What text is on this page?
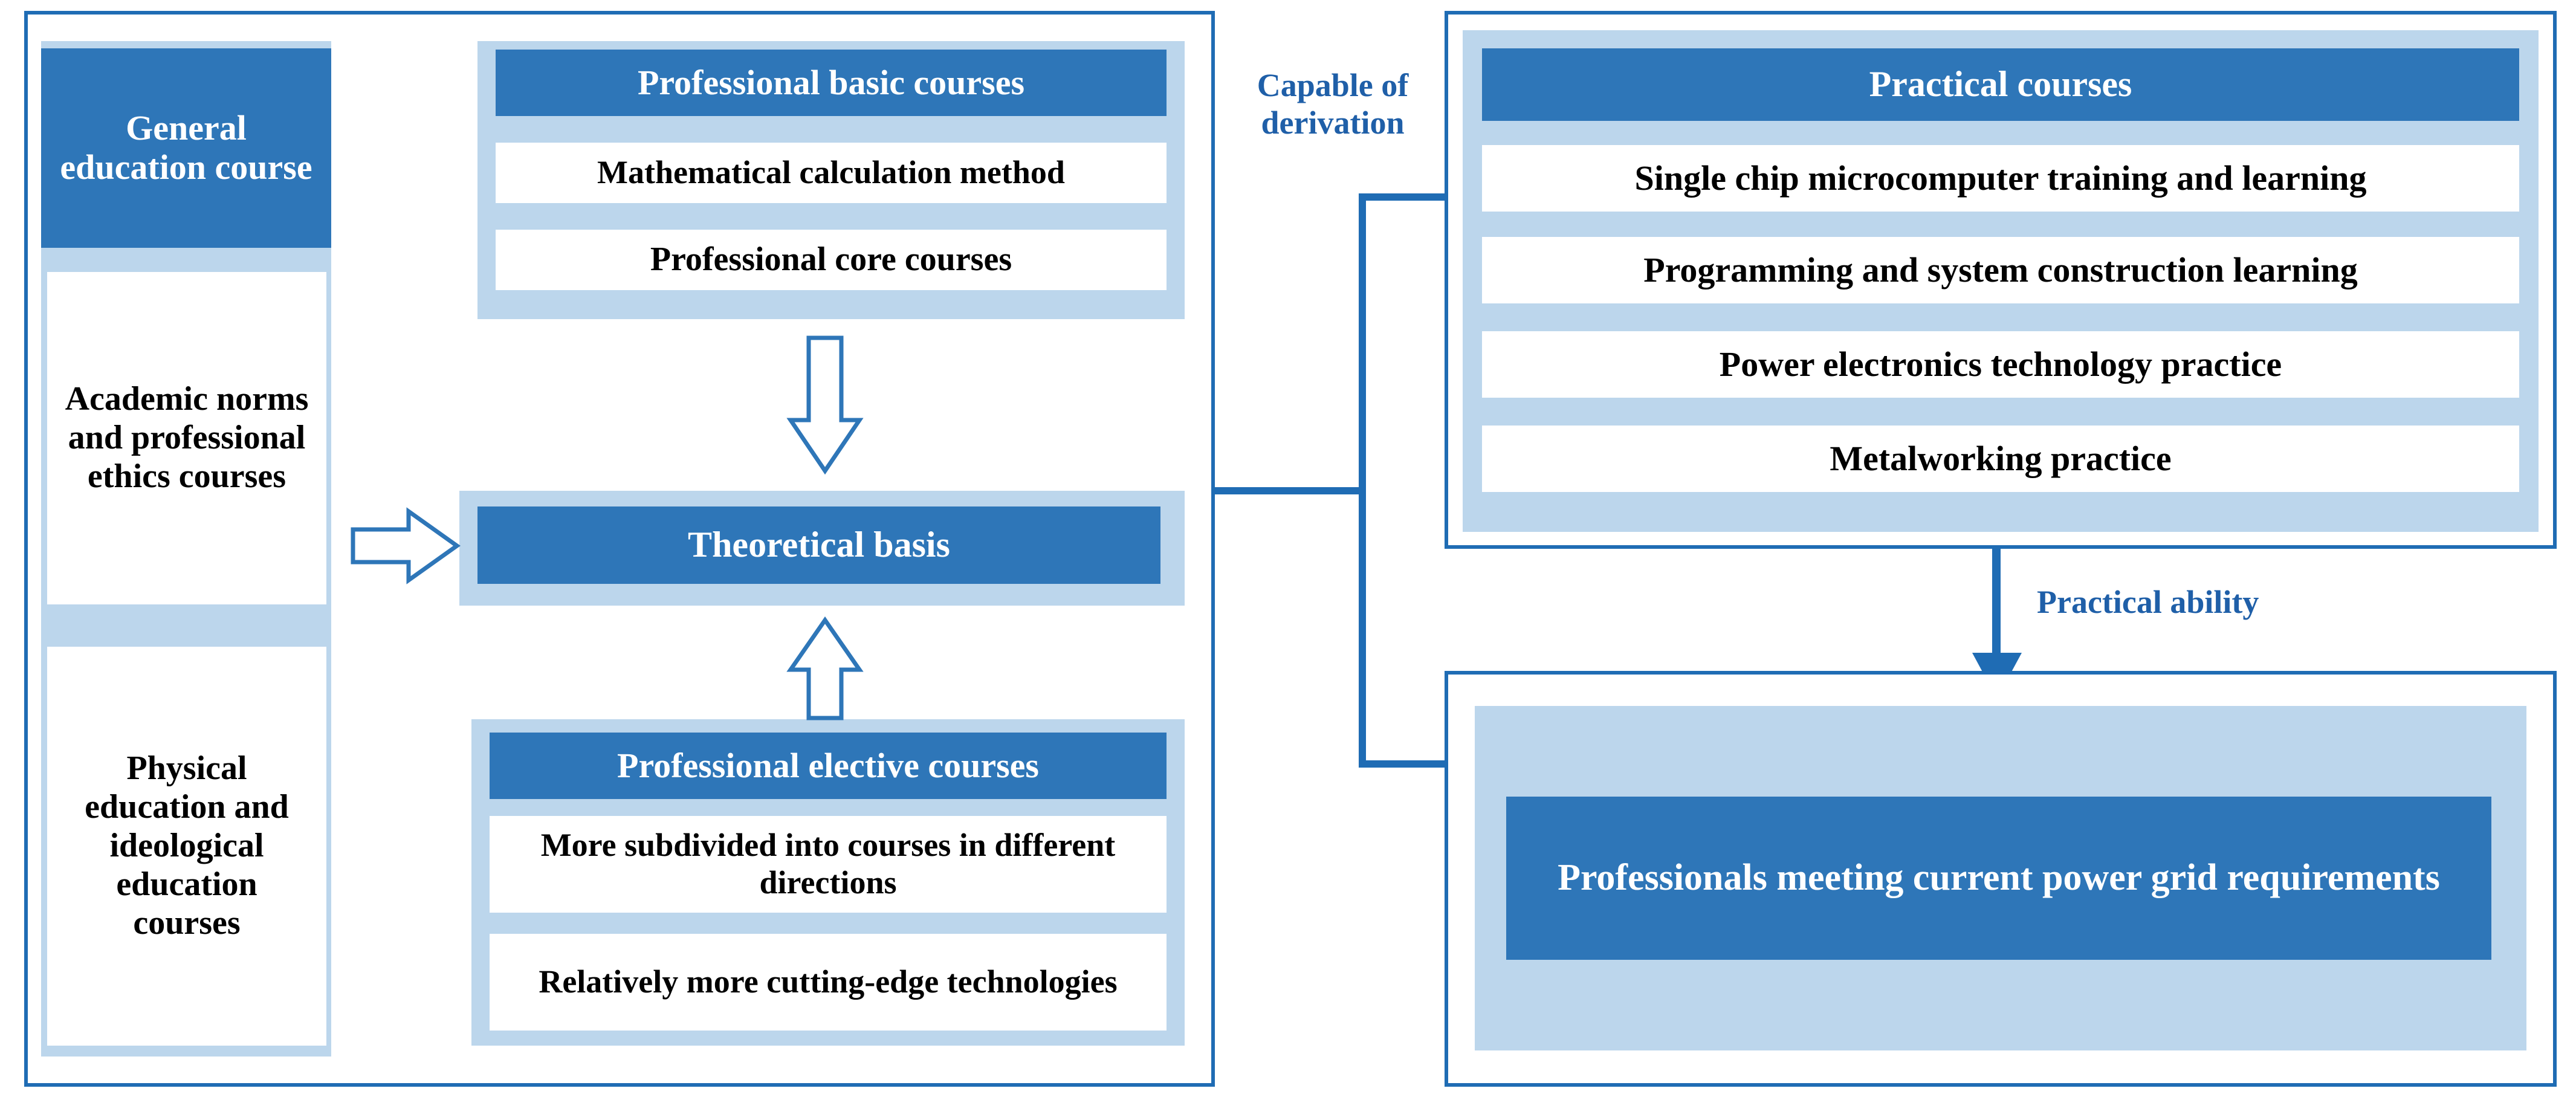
General education course
Academic norms and professional ethics courses
Physical education and ideological education courses
Professional basic courses
Mathematical calculation method
Professional core courses
Theoretical basis
Professional elective courses
More subdivided into courses in different directions
Relatively more cutting-edge technologies
Capable of derivation
Practical ability
Practical courses
Single chip microcomputer training and learning
Programming and system construction learning
Power electronics technology practice
Metalworking practice
Professionals meeting current power grid requirements
